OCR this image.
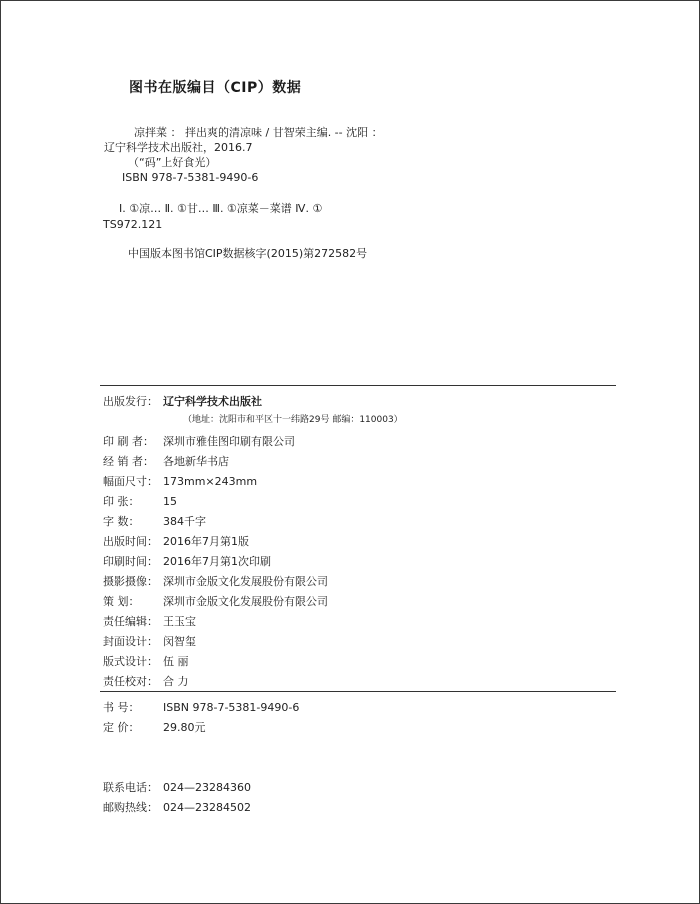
图书在版编目（CIP）数据
凉拌菜 ： 拌出爽的清凉味 / 甘智荣主编. -- 沈阳 ：
辽宁科学技术出版社，2016.7
（“码”上好食光）
ISBN 978-7-5381-9490-6
Ⅰ. ①凉… Ⅱ. ①甘… Ⅲ. ①凉菜－菜谱 Ⅳ. ①
TS972.121
中国版本图书馆CIP数据核字(2015)第272582号
出版发行： 辽宁科学技术出版社
（地址：沈阳市和平区十一纬路29号 邮编：110003）
印 刷 者： 深圳市雅佳图印刷有限公司
经 销 者： 各地新华书店
幅面尺寸： 173mm×243mm
印 张： 15
字 数： 384千字
出版时间： 2016年7月第1版
印刷时间： 2016年7月第1次印刷
摄影摄像： 深圳市金版文化发展股份有限公司
策 划： 深圳市金版文化发展股份有限公司
责任编辑： 王玉宝
封面设计： 闵智玺
版式设计： 伍 丽
责任校对： 合 力
书 号： ISBN 978-7-5381-9490-6
定 价： 29.80元
联系电话： 024—23284360
邮购热线： 024—23284502
